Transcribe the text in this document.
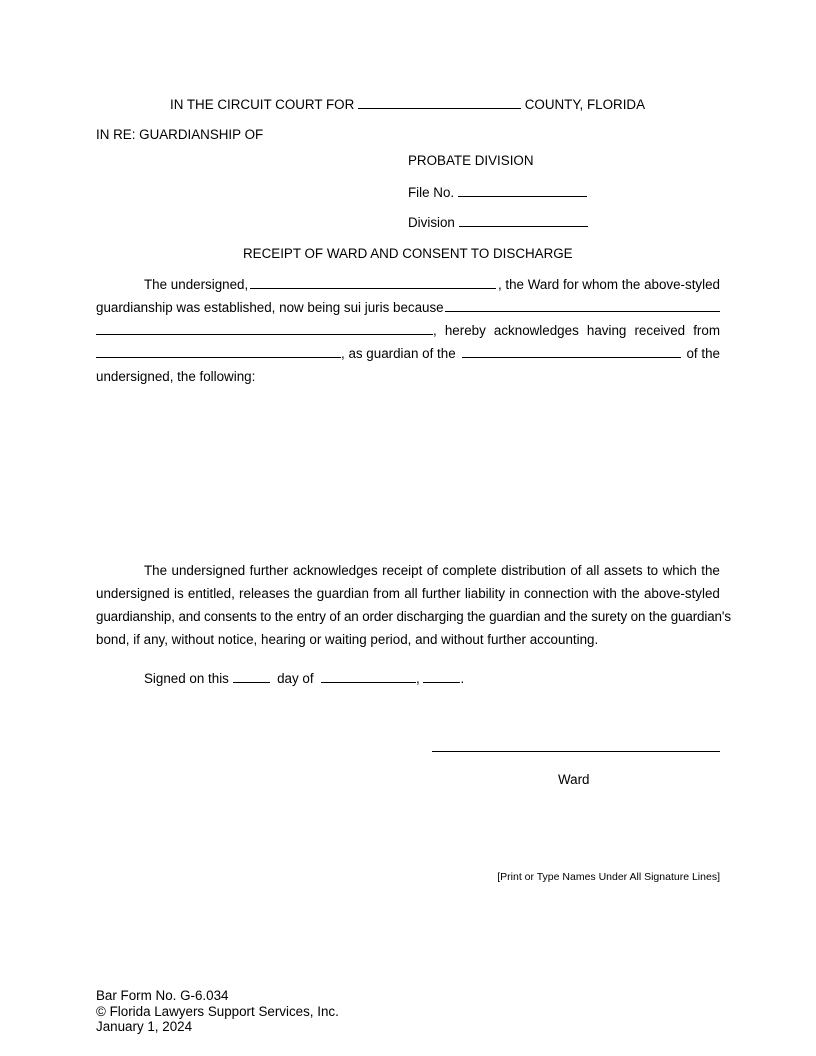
IN THE CIRCUIT COURT FOR	COUNTY, FLORIDA
IN RE: GUARDIANSHIP OF
PROBATE DIVISION
File No.
Division
RECEIPT OF WARD AND CONSENT TO DISCHARGE
The undersigned,	, the Ward for whom the above-styled
guardianship was established, now being sui juris because
, hereby acknowledges having received from
, as guardian of the	of the
undersigned, the following:
The undersigned further acknowledges receipt of complete distribution of all assets to which the
undersigned is entitled, releases the guardian from all further liability in connection with the above-styled
guardianship, and consents to the entry of an order discharging the guardian and the surety on the guardian's
bond, if any, without notice, hearing or waiting period, and without further accounting.
Signed on this	day of	,	.
Ward
[Print or Type Names Under All Signature Lines]
Bar Form No. G-6.034
© Florida Lawyers Support Services, Inc.
January 1, 2024
